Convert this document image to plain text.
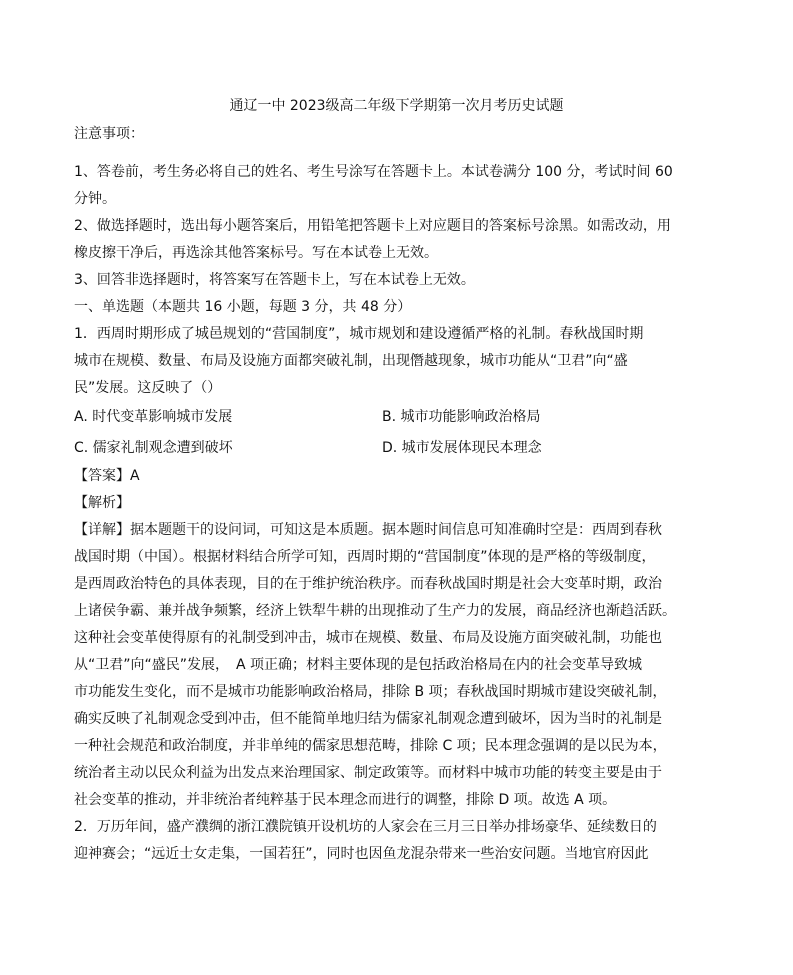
通辽一中 2023级高二年级下学期第一次月考历史试题
注意事项：
1、答卷前，考生务必将自己的姓名、考生号涂写在答题卡上。本试卷满分 100 分，考试时间 60
分钟。
2、做选择题时，选出每小题答案后，用铅笔把答题卡上对应题目的答案标号涂黑。如需改动，用
橡皮擦干净后，再选涂其他答案标号。写在本试卷上无效。
3、回答非选择题时，将答案写在答题卡上，写在本试卷上无效。
一、单选题（本题共 16 小题，每题 3 分，共 48 分）
1．西周时期形成了城邑规划的“营国制度”，城市规划和建设遵循严格的礼制。春秋战国时期
城市在规模、数量、布局及设施方面都突破礼制，出现僭越现象，城市功能从“卫君”向“盛
民”发展。这反映了（）
A. 时代变革影响城市发展	B. 城市功能影响政治格局
C. 儒家礼制观念遭到破坏	D. 城市发展体现民本理念
【答案】A
【解析】
【详解】据本题题干的设问词，可知这是本质题。据本题时间信息可知准确时空是：西周到春秋
战国时期（中国）。根据材料结合所学可知，西周时期的“营国制度”体现的是严格的等级制度，
是西周政治特色的具体表现，目的在于维护统治秩序。而春秋战国时期是社会大变革时期，政治
上诸侯争霸、兼并战争频繁，经济上铁犁牛耕的出现推动了生产力的发展，商品经济也渐趋活跃。
这种社会变革使得原有的礼制受到冲击，城市在规模、数量、布局及设施方面突破礼制，功能也
从“卫君”向“盛民”发展，　A 项正确；材料主要体现的是包括政治格局在内的社会变革导致城
市功能发生变化，而不是城市功能影响政治格局，排除 B 项；春秋战国时期城市建设突破礼制，
确实反映了礼制观念受到冲击，但不能简单地归结为儒家礼制观念遭到破坏，因为当时的礼制是
一种社会规范和政治制度，并非单纯的儒家思想范畴，排除 C 项；民本理念强调的是以民为本，
统治者主动以民众利益为出发点来治理国家、制定政策等。而材料中城市功能的转变主要是由于
社会变革的推动，并非统治者纯粹基于民本理念而进行的调整，排除 D 项。故选 A 项。
2．万历年间，盛产濮绸的浙江濮院镇开设机坊的人家会在三月三日举办排场豪华、延续数日的
迎神赛会；“远近士女走集，一国若狂”，同时也因鱼龙混杂带来一些治安问题。当地官府因此
